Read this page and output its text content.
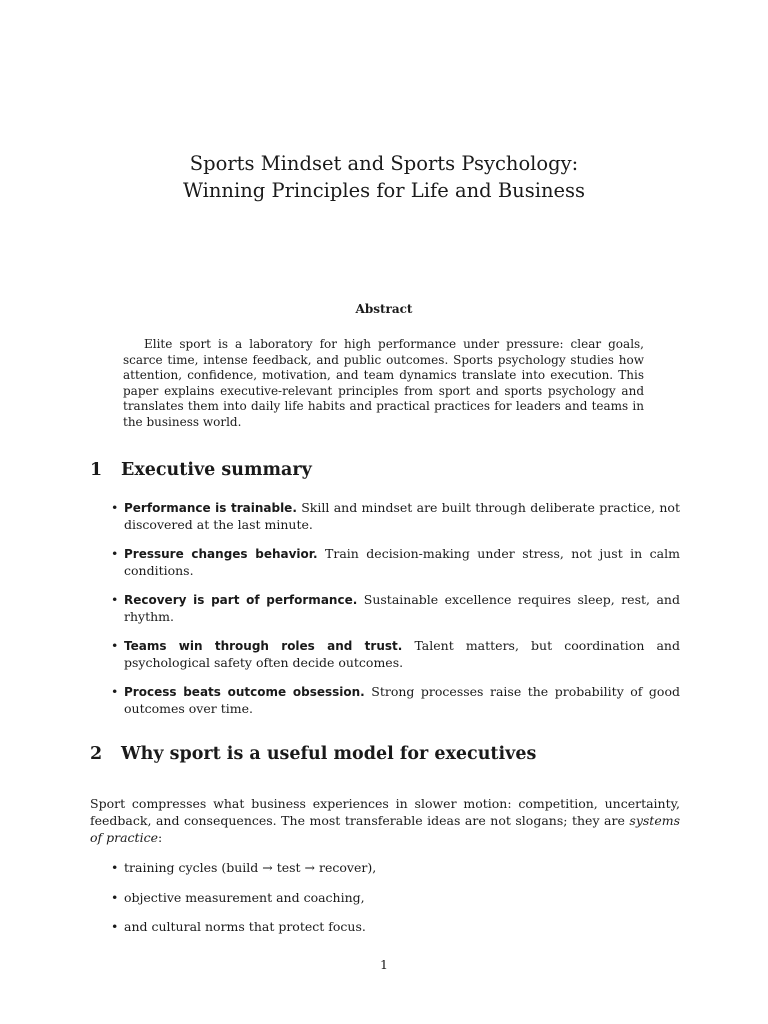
Sports Mindset and Sports Psychology:
Winning Principles for Life and Business
Abstract
Elite sport is a laboratory for high performance under pressure: clear goals, scarce time, intense feedback, and public outcomes. Sports psychology studies how attention, confidence, motivation, and team dynamics translate into execution. This paper explains executive-relevant principles from sport and sports psychology and translates them into daily life habits and practical practices for leaders and teams in the business world.
1 Executive summary
• Performance is trainable. Skill and mindset are built through deliberate practice, not discovered at the last minute.
• Pressure changes behavior. Train decision-making under stress, not just in calm conditions.
• Recovery is part of performance. Sustainable excellence requires sleep, rest, and rhythm.
• Teams win through roles and trust. Talent matters, but coordination and psychological safety often decide outcomes.
• Process beats outcome obsession. Strong processes raise the probability of good outcomes over time.
2 Why sport is a useful model for executives
Sport compresses what business experiences in slower motion: competition, uncertainty, feedback, and consequences. The most transferable ideas are not slogans; they are systems of practice:
• training cycles (build → test → recover),
• objective measurement and coaching,
• and cultural norms that protect focus.
1
